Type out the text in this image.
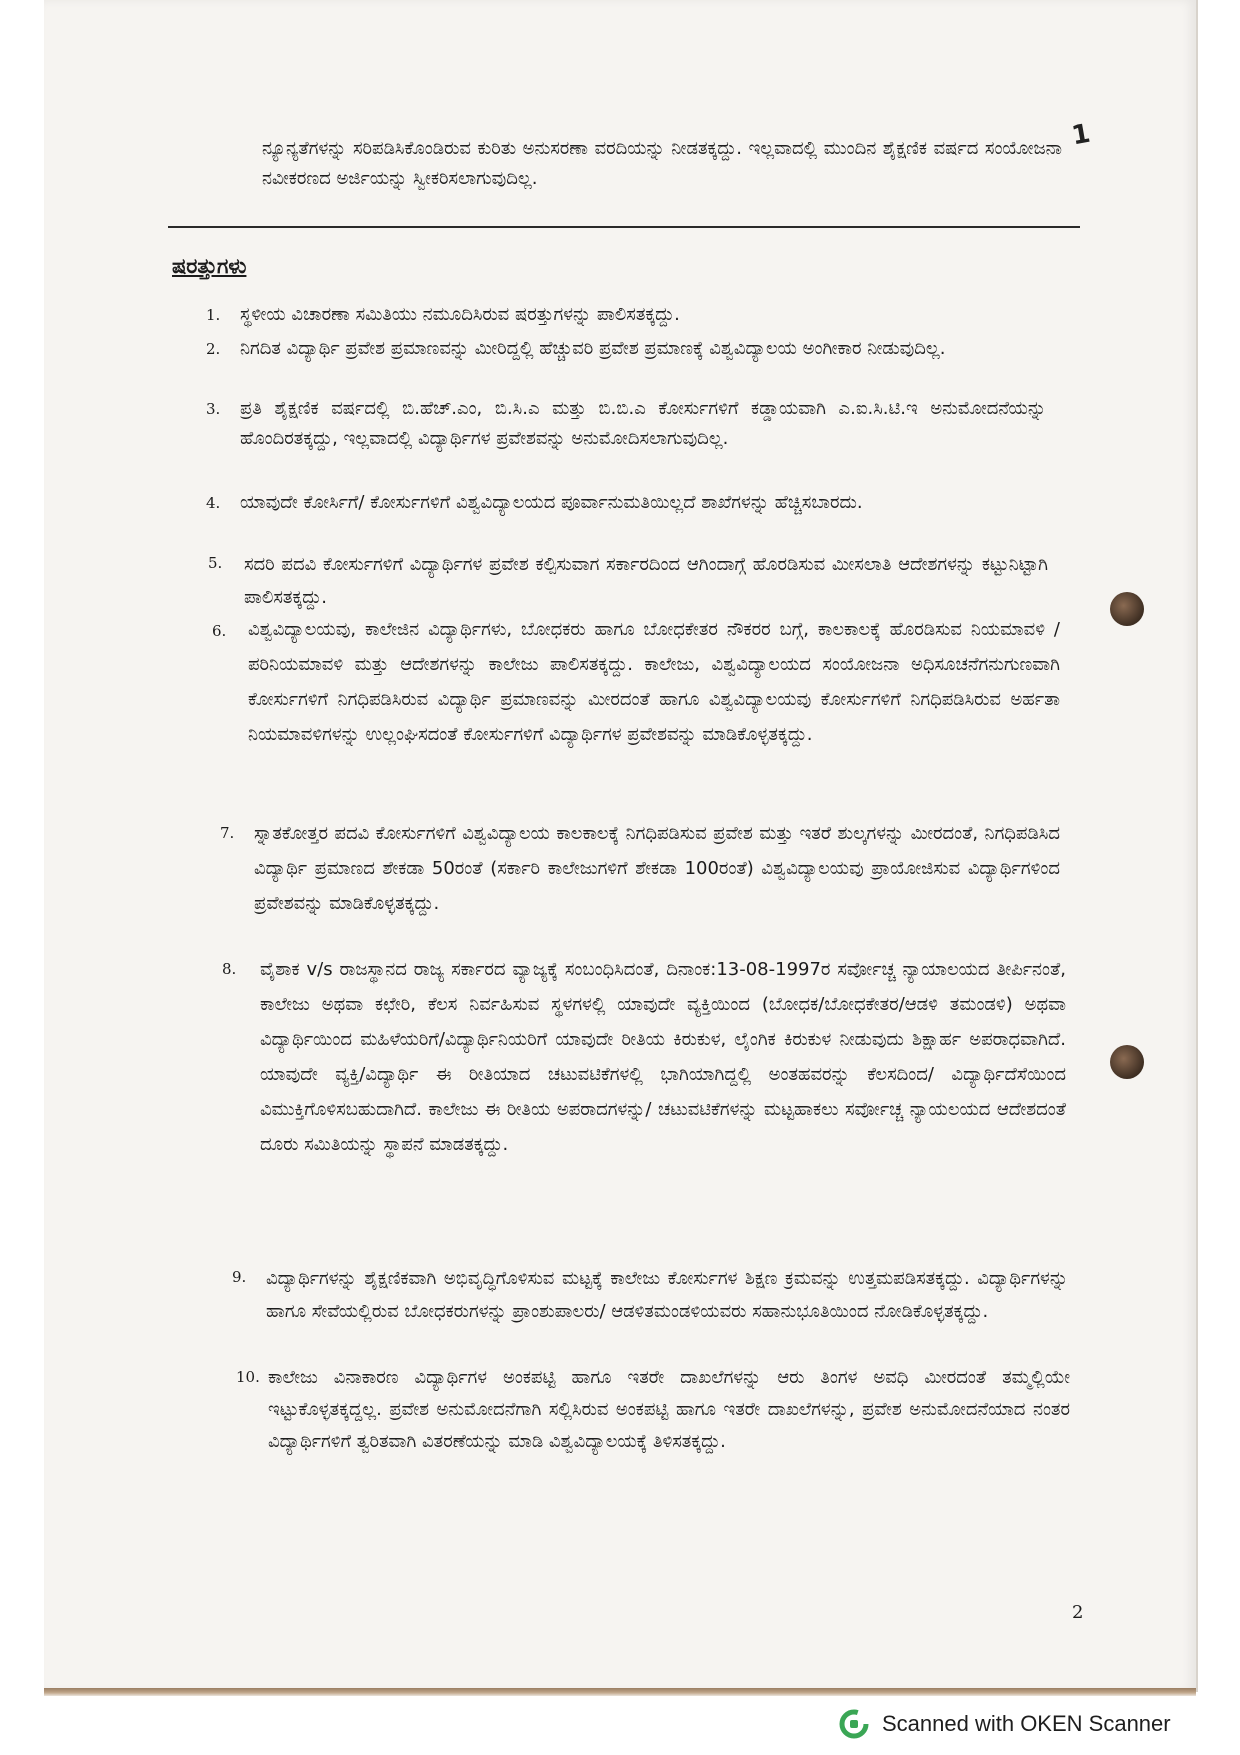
1
ನ್ಯೂನ್ಯತೆಗಳನ್ನು ಸರಿಪಡಿಸಿಕೊಂಡಿರುವ ಕುರಿತು ಅನುಸರಣಾ ವರದಿಯನ್ನು ನೀಡತಕ್ಕದ್ದು. ಇಲ್ಲವಾದಲ್ಲಿ ಮುಂದಿನ ಶೈಕ್ಷಣಿಕ ವರ್ಷದ ಸಂಯೋಜನಾ ನವೀಕರಣದ ಅರ್ಜಿಯನ್ನು ಸ್ವೀಕರಿಸಲಾಗುವುದಿಲ್ಲ.
ಷರತ್ತುಗಳು
1. ಸ್ಥಳೀಯ ವಿಚಾರಣಾ ಸಮಿತಿಯು ನಮೂದಿಸಿರುವ ಷರತ್ತುಗಳನ್ನು ಪಾಲಿಸತಕ್ಕದ್ದು.
2. ನಿಗದಿತ ವಿದ್ಯಾರ್ಥಿ ಪ್ರವೇಶ ಪ್ರಮಾಣವನ್ನು ಮೀರಿದ್ದಲ್ಲಿ ಹೆಚ್ಚುವರಿ ಪ್ರವೇಶ ಪ್ರಮಾಣಕ್ಕೆ ವಿಶ್ವವಿದ್ಯಾಲಯ ಅಂಗೀಕಾರ ನೀಡುವುದಿಲ್ಲ.
3. ಪ್ರತಿ ಶೈಕ್ಷಣಿಕ ವರ್ಷದಲ್ಲಿ ಬಿ.ಹೆಚ್.ಎಂ, ಬಿ.ಸಿ.ಎ ಮತ್ತು ಬಿ.ಬಿ.ಎ ಕೋರ್ಸುಗಳಿಗೆ ಕಡ್ಡಾಯವಾಗಿ ಎ.ಐ.ಸಿ.ಟಿ.ಇ ಅನುಮೋದನೆಯನ್ನು ಹೊಂದಿರತಕ್ಕದ್ದು, ಇಲ್ಲವಾದಲ್ಲಿ ವಿದ್ಯಾರ್ಥಿಗಳ ಪ್ರವೇಶವನ್ನು ಅನುಮೋದಿಸಲಾಗುವುದಿಲ್ಲ.
4. ಯಾವುದೇ ಕೋರ್ಸಿಗೆ/ ಕೋರ್ಸುಗಳಿಗೆ ವಿಶ್ವವಿದ್ಯಾಲಯದ ಪೂರ್ವಾನುಮತಿಯಿಲ್ಲದೆ ಶಾಖೆಗಳನ್ನು ಹೆಚ್ಚಿಸಬಾರದು.
5. ಸದರಿ ಪದವಿ ಕೋರ್ಸುಗಳಿಗೆ ವಿದ್ಯಾರ್ಥಿಗಳ ಪ್ರವೇಶ ಕಲ್ಪಿಸುವಾಗ ಸರ್ಕಾರದಿಂದ ಆಗಿಂದಾಗ್ಗೆ ಹೊರಡಿಸುವ ಮೀಸಲಾತಿ ಆದೇಶಗಳನ್ನು ಕಟ್ಟುನಿಟ್ಟಾಗಿ ಪಾಲಿಸತಕ್ಕದ್ದು.
6. ವಿಶ್ವವಿದ್ಯಾಲಯವು, ಕಾಲೇಜಿನ ವಿದ್ಯಾರ್ಥಿಗಳು, ಬೋಧಕರು ಹಾಗೂ ಬೋಧಕೇತರ ನೌಕರರ ಬಗ್ಗೆ, ಕಾಲಕಾಲಕ್ಕೆ ಹೊರಡಿಸುವ ನಿಯಮಾವಳಿ /ಪರಿನಿಯಮಾವಳಿ ಮತ್ತು ಆದೇಶಗಳನ್ನು ಕಾಲೇಜು ಪಾಲಿಸತಕ್ಕದ್ದು. ಕಾಲೇಜು, ವಿಶ್ವವಿದ್ಯಾಲಯದ ಸಂಯೋಜನಾ ಅಧಿಸೂಚನೆಗನುಗುಣವಾಗಿ ಕೋರ್ಸುಗಳಿಗೆ ನಿಗಧಿಪಡಿಸಿರುವ ವಿದ್ಯಾರ್ಥಿ ಪ್ರಮಾಣವನ್ನು ಮೀರದಂತೆ ಹಾಗೂ ವಿಶ್ವವಿದ್ಯಾಲಯವು ಕೋರ್ಸುಗಳಿಗೆ ನಿಗಧಿಪಡಿಸಿರುವ ಅರ್ಹತಾ ನಿಯಮಾವಳಿಗಳನ್ನು ಉಲ್ಲಂಘಿಸದಂತೆ ಕೋರ್ಸುಗಳಿಗೆ ವಿದ್ಯಾರ್ಥಿಗಳ ಪ್ರವೇಶವನ್ನು ಮಾಡಿಕೊಳ್ಳತಕ್ಕದ್ದು.
7. ಸ್ನಾತಕೋತ್ತರ ಪದವಿ ಕೋರ್ಸುಗಳಿಗೆ ವಿಶ್ವವಿದ್ಯಾಲಯ ಕಾಲಕಾಲಕ್ಕೆ ನಿಗಧಿಪಡಿಸುವ ಪ್ರವೇಶ ಮತ್ತು ಇತರೆ ಶುಲ್ಕಗಳನ್ನು ಮೀರದಂತೆ, ನಿಗಧಿಪಡಿಸಿದ ವಿದ್ಯಾರ್ಥಿ ಪ್ರಮಾಣದ ಶೇಕಡಾ 50ರಂತೆ (ಸರ್ಕಾರಿ ಕಾಲೇಜುಗಳಿಗೆ ಶೇಕಡಾ 100ರಂತೆ) ವಿಶ್ವವಿದ್ಯಾಲಯವು ಪ್ರಾಯೋಜಿಸುವ ವಿದ್ಯಾರ್ಥಿಗಳಿಂದ ಪ್ರವೇಶವನ್ನು ಮಾಡಿಕೊಳ್ಳತಕ್ಕದ್ದು.
8. ವೈಶಾಕ v/s ರಾಜಸ್ಥಾನದ ರಾಜ್ಯ ಸರ್ಕಾರದ ವ್ಯಾಜ್ಯಕ್ಕೆ ಸಂಬಂಧಿಸಿದಂತೆ, ದಿನಾಂಕ:13-08-1997ರ ಸರ್ವೋಚ್ಚ ನ್ಯಾಯಾಲಯದ ತೀರ್ಪಿನಂತೆ, ಕಾಲೇಜು ಅಥವಾ ಕಛೇರಿ, ಕೆಲಸ ನಿರ್ವಹಿಸುವ ಸ್ಥಳಗಳಲ್ಲಿ ಯಾವುದೇ ವ್ಯಕ್ತಿಯಿಂದ (ಬೋಧಕ/ಬೋಧಕೇತರ/ಆಡಳಿ ತಮಂಡಳಿ) ಅಥವಾ ವಿದ್ಯಾರ್ಥಿಯಿಂದ ಮಹಿಳೆಯರಿಗೆ/ವಿದ್ಯಾರ್ಥಿನಿಯರಿಗೆ ಯಾವುದೇ ರೀತಿಯ ಕಿರುಕುಳ, ಲೈಂಗಿಕ ಕಿರುಕುಳ ನೀಡುವುದು ಶಿಕ್ಷಾರ್ಹ ಅಪರಾಧವಾಗಿದೆ. ಯಾವುದೇ ವ್ಯಕ್ತಿ/ವಿದ್ಯಾರ್ಥಿ ಈ ರೀತಿಯಾದ ಚಟುವಟಿಕೆಗಳಲ್ಲಿ ಭಾಗಿಯಾಗಿದ್ದಲ್ಲಿ ಅಂತಹವರನ್ನು ಕೆಲಸದಿಂದ/ ವಿದ್ಯಾರ್ಥಿದೆಸೆಯಿಂದ ವಿಮುಕ್ತಿಗೊಳಿಸಬಹುದಾಗಿದೆ. ಕಾಲೇಜು ಈ ರೀತಿಯ ಅಪರಾದಗಳನ್ನು/ ಚಟುವಟಿಕೆಗಳನ್ನು ಮಟ್ಟಹಾಕಲು ಸರ್ವೋಚ್ಚ ನ್ಯಾಯಲಯದ ಆದೇಶದಂತೆ ದೂರು ಸಮಿತಿಯನ್ನು ಸ್ಥಾಪನೆ ಮಾಡತಕ್ಕದ್ದು.
9. ವಿದ್ಯಾರ್ಥಿಗಳನ್ನು ಶೈಕ್ಷಣಿಕವಾಗಿ ಅಭಿವೃದ್ಧಿಗೊಳಿಸುವ ಮಟ್ಟಕ್ಕೆ ಕಾಲೇಜು ಕೋರ್ಸುಗಳ ಶಿಕ್ಷಣ ಕ್ರಮವನ್ನು ಉತ್ತಮಪಡಿಸತಕ್ಕದ್ದು. ವಿದ್ಯಾರ್ಥಿಗಳನ್ನು ಹಾಗೂ ಸೇವೆಯಲ್ಲಿರುವ ಬೋಧಕರುಗಳನ್ನು ಪ್ರಾಂಶುಪಾಲರು/ ಆಡಳಿತಮಂಡಳಿಯವರು ಸಹಾನುಭೂತಿಯಿಂದ ನೋಡಿಕೊಳ್ಳತಕ್ಕದ್ದು.
10. ಕಾಲೇಜು ವಿನಾಕಾರಣ ವಿದ್ಯಾರ್ಥಿಗಳ ಅಂಕಪಟ್ಟಿ ಹಾಗೂ ಇತರೇ ದಾಖಲೆಗಳನ್ನು ಆರು ತಿಂಗಳ ಅವಧಿ ಮೀರದಂತೆ ತಮ್ಮಲ್ಲಿಯೇ ಇಟ್ಟುಕೊಳ್ಳತಕ್ಕದ್ದಲ್ಲ. ಪ್ರವೇಶ ಅನುಮೋದನೆಗಾಗಿ ಸಲ್ಲಿಸಿರುವ ಅಂಕಪಟ್ಟಿ ಹಾಗೂ ಇತರೇ ದಾಖಲೆಗಳನ್ನು, ಪ್ರವೇಶ ಅನುಮೋದನೆಯಾದ ನಂತರ ವಿದ್ಯಾರ್ಥಿಗಳಿಗೆ ತ್ವರಿತವಾಗಿ ವಿತರಣೆಯನ್ನು ಮಾಡಿ ವಿಶ್ವವಿದ್ಯಾಲಯಕ್ಕೆ ತಿಳಿಸತಕ್ಕದ್ದು.
2
Scanned with OKEN Scanner
